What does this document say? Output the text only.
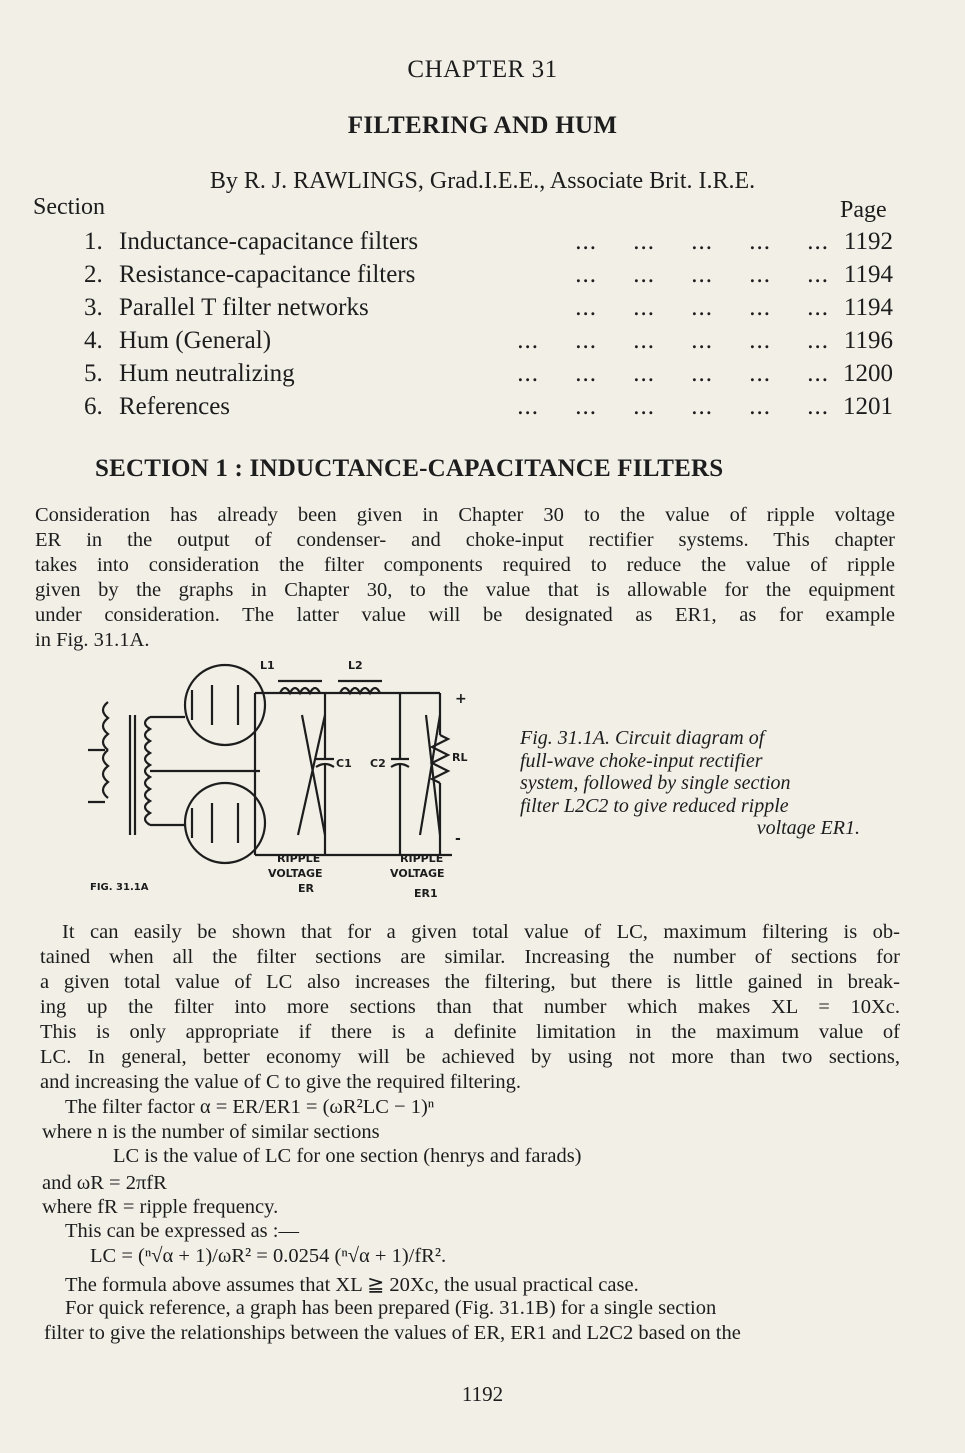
CHAPTER 31
FILTERING AND HUM
By R. J. RAWLINGS, Grad.I.E.E., Associate Brit. I.R.E.
Section	Page
1. Inductance-capacitance filters	...     ...     ...     ...     ... 1192
2. Resistance-capacitance filters	...     ...     ...     ...     ... 1194
3. Parallel T filter networks	...     ...     ...     ...     ... 1194
4. Hum (General)	...     ...     ...     ...     ...     ... 1196
5. Hum neutralizing	...     ...     ...     ...     ...     ... 1200
6. References	...     ...     ...     ...     ...     ... 1201
SECTION 1 : INDUCTANCE-CAPACITANCE FILTERS
Consideration has already been given in Chapter 30 to the value of ripple voltage
ER in the output of condenser- and choke-input rectifier systems. This chapter
takes into consideration the filter components required to reduce the value of ripple
given by the graphs in Chapter 30, to the value that is allowable for the equipment
under consideration. The latter value will be designated as ER1, as for example
in Fig. 31.1A.
L1	L2
C1 C2	RL
+
-
RIPPLE
VOLTAGE
ER
RIPPLE
VOLTAGE
ER1
FIG. 31.1A
Fig. 31.1A. Circuit diagram of
full-wave choke-input rectifier
system, followed by single section
filter L2C2 to give reduced ripple
voltage ER1.
It can easily be shown that for a given total value of LC, maximum filtering is ob-
tained when all the filter sections are similar. Increasing the number of sections for
a given total value of LC also increases the filtering, but there is little gained in break-
ing up the filter into more sections than that number which makes XL = 10Xc.
This is only appropriate if there is a definite limitation in the maximum value of
LC. In general, better economy will be achieved by using not more than two sections,
and increasing the value of C to give the required filtering.
The filter factor α = ER/ER1 = (ωR²LC − 1)ⁿ
where n is the number of similar sections
LC is the value of LC for one section (henrys and farads)
and ωR = 2πfR
where fR = ripple frequency.
This can be expressed as :—
LC = (ⁿ√α + 1)/ωR² = 0.0254 (ⁿ√α + 1)/fR².
The formula above assumes that XL ≧ 20Xc, the usual practical case.
For quick reference, a graph has been prepared (Fig. 31.1B) for a single section
filter to give the relationships between the values of ER, ER1 and L2C2 based on the
1192
